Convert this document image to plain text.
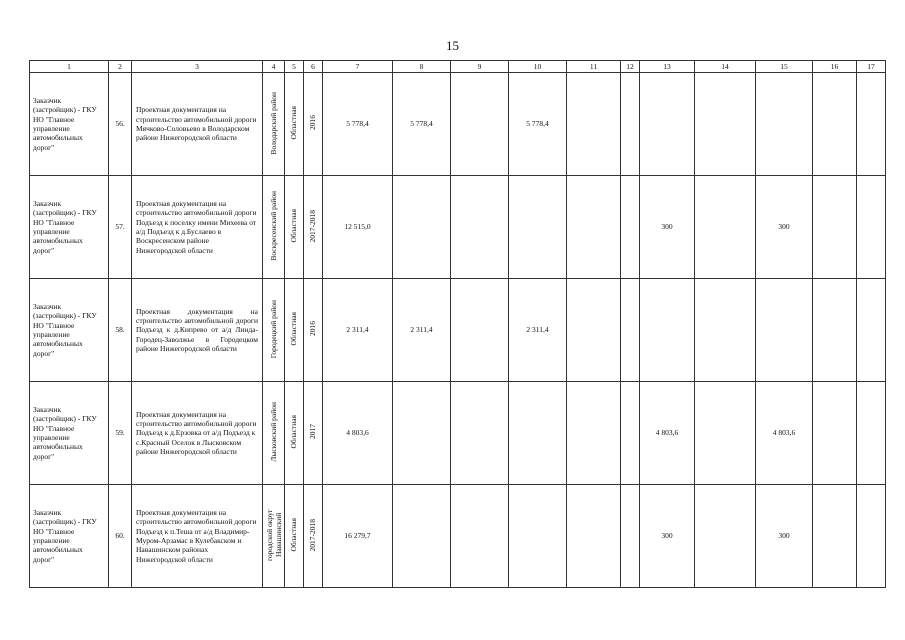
15
1	2	3	4	5	6	7	8	9	10	11	12	13	14	15	16	17
Заказчик (застройщик) - ГКУ НО "Главное управление автомобильных дорог"	56.	Проектная документация на строительство автомобильной дороги Мячково-Соловьево в Володарском районе Нижегородской области	Володарский район	Областная	2016	5 778,4	5 778,4		5 778,4							
Заказчик (застройщик) - ГКУ НО "Главное управление автомобильных дорог"	57.	Проектная документация на строительство автомобильной дороги Подъезд к поселку имени Михеева от а/д Подъезд к д.Буслаево в Воскресенском районе Нижегородской области	Воскресенский район	Областная	2017-2018	12 515,0						300		300		
Заказчик (застройщик) - ГКУ НО "Главное управление автомобильных дорог"	58.	Проектная документация на строительство автомобильной дороги Подъезд к д.Кипрево от а/д Линда-Городец-Заволжье в Городецком районе Нижегородской области	Городецкий район	Областная	2016	2 311,4	2 311,4		2 311,4							
Заказчик (застройщик) - ГКУ НО "Главное управление автомобильных дорог"	59.	Проектная документация на строительство автомобильной дороги Подъезд к д.Ерзовка от а/д Подъезд к с.Красный Оселок в Лысковском районе Нижегородской области	Лысковский район	Областная	2017	4 803,6						4 803,6		4 803,6		
Заказчик (застройщик) - ГКУ НО "Главное управление автомобильных дорог"	60.	Проектная документация на строительство автомобильной дороги Подъезд к п.Теша от а/д Владимир-Муром-Арзамас в Кулебакском и Навашинском районах Нижегородской области	городской округ Навашинский	Областная	2017-2018	16 279,7						300		300		
